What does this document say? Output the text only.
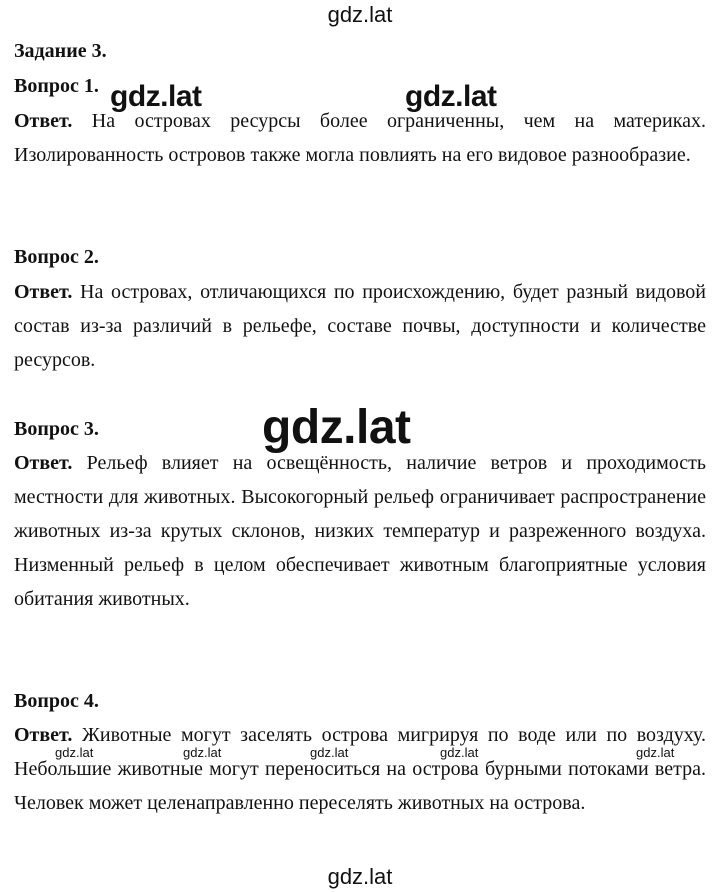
gdz.lat
Задание 3.
Вопрос 1.
Ответ. На островах ресурсы более ограниченны, чем на материках. Изолированность островов также могла повлиять на его видовое разнообразие.
Вопрос 2.
Ответ. На островах, отличающихся по происхождению, будет разный видовой состав из-за различий в рельефе, составе почвы, доступности и количестве ресурсов.
Вопрос 3.
Ответ. Рельеф влияет на освещённость, наличие ветров и проходимость местности для животных. Высокогорный рельеф ограничивает распространение животных из-за крутых склонов, низких температур и разреженного воздуха. Низменный рельеф в целом обеспечивает животным благоприятные условия обитания животных.
Вопрос 4.
Ответ. Животные могут заселять острова мигрируя по воде или по воздуху. Небольшие животные могут переноситься на острова бурными потоками ветра. Человек может целенаправленно переселять животных на острова.
gdz.lat	gdz.lat
gdz.lat
gdz.lat	gdz.lat	gdz.lat	gdz.lat	gdz.lat
gdz.lat
